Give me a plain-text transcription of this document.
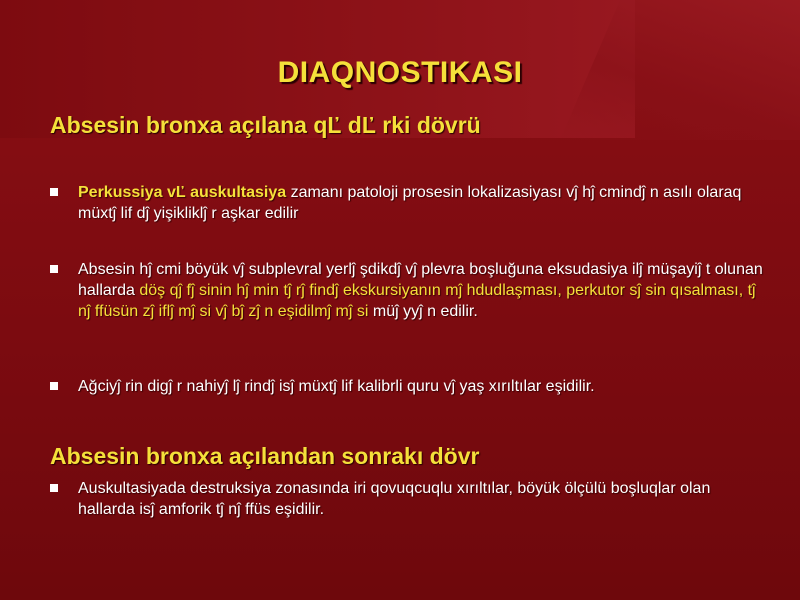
DIAQNOSTIKASI
Absesin bronxa açılana qĽ dĽ rki dövrü
Perkussiya vĽ auskultasiya zamanı patoloji prosesin lokalizasiyası vĵ hĵ cmindĵ n asılı olaraq müxtĵ lif dĵ yişikliklĵ r aşkar edilir
Absesin hĵ cmi böyük vĵ subplevral yerlĵ şdikdĵ vĵ plevra boşluğuna eksudasiya ilĵ müşayiĵ t olunan hallarda döş qĵ fĵ sinin hĵ min tĵ rĵ findĵ ekskursiyanın mĵ hdudlaşması, perkutor sĵ sin qısalması, tĵ nĵ ffüsün zĵ iflĵ mĵ si vĵ bĵ zĵ n eşidilmĵ mĵ si müĵ yyĵ n edilir.
Ağciyĵ rin digĵ r nahiyĵ lĵ rindĵ isĵ müxtĵ lif kalibrli quru vĵ yaş xırıltılar eşidilir.
Absesin bronxa açılandan sonrakı dövr
Auskultasiyada destruksiya zonasında iri qovuqcuqlu xırıltılar, böyük ölçülü boşluqlar olan hallarda isĵ amforik tĵ nĵ ffüs eşidilir.
